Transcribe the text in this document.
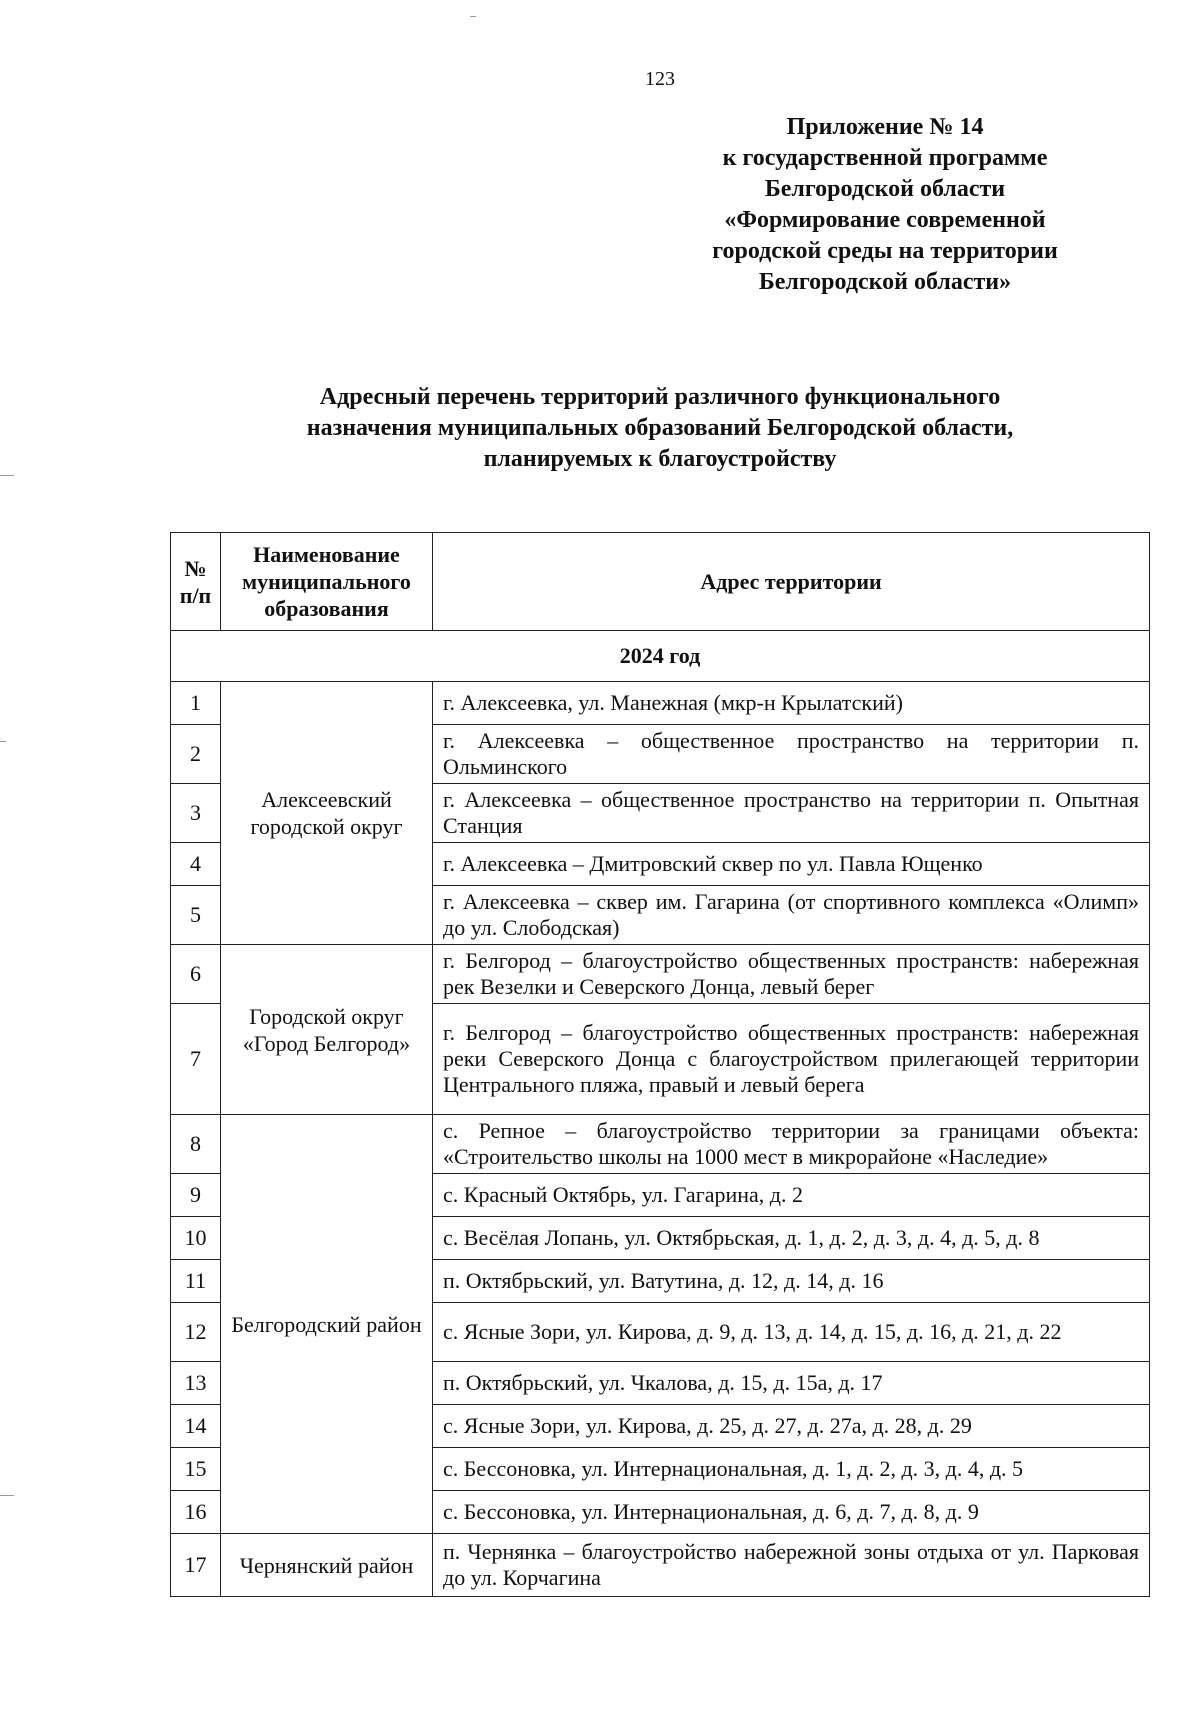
123
Приложение № 14
к государственной программе
Белгородской области
«Формирование современной
городской среды на территории
Белгородской области»
Адресный перечень территорий различного функционального
назначения муниципальных образований Белгородской области,
планируемых к благоустройству
№ п/п	Наименование муниципального образования	Адрес территории
2024 год		
1	Алексеевский городской округ	г. Алексеевка, ул. Манежная (мкр-н Крылатский)
2		г. Алексеевка – общественное пространство на территории п. Ольминского
3		г. Алексеевка – общественное пространство на территории п. Опытная Станция
4		г. Алексеевка – Дмитровский сквер по ул. Павла Ющенко
5		г. Алексеевка – сквер им. Гагарина (от спортивного комплекса «Олимп» до ул. Слободская)
6	Городской округ «Город Белгород»	г. Белгород – благоустройство общественных пространств: набережная рек Везелки и Северского Донца, левый берег
7		г. Белгород – благоустройство общественных пространств: набережная реки Северского Донца с благоустройством прилегающей территории Центрального пляжа, правый и левый берега
8	Белгородский район	с. Репное – благоустройство территории за границами объекта: «Строительство школы на 1000 мест в микрорайоне «Наследие»
9		с. Красный Октябрь, ул. Гагарина, д. 2
10		с. Весёлая Лопань, ул. Октябрьская, д. 1, д. 2, д. 3, д. 4, д. 5, д. 8
11		п. Октябрьский, ул. Ватутина, д. 12, д. 14, д. 16
12		с. Ясные Зори, ул. Кирова, д. 9, д. 13, д. 14, д. 15, д. 16, д. 21, д. 22
13		п. Октябрьский, ул. Чкалова, д. 15, д. 15а, д. 17
14		с. Ясные Зори, ул. Кирова, д. 25, д. 27, д. 27а, д. 28, д. 29
15		с. Бессоновка, ул. Интернациональная, д. 1, д. 2, д. 3, д. 4, д. 5
16		с. Бессоновка, ул. Интернациональная, д. 6, д. 7, д. 8, д. 9
17	Чернянский район	п. Чернянка – благоустройство набережной зоны отдыха от ул. Парковая до ул. Корчагина
